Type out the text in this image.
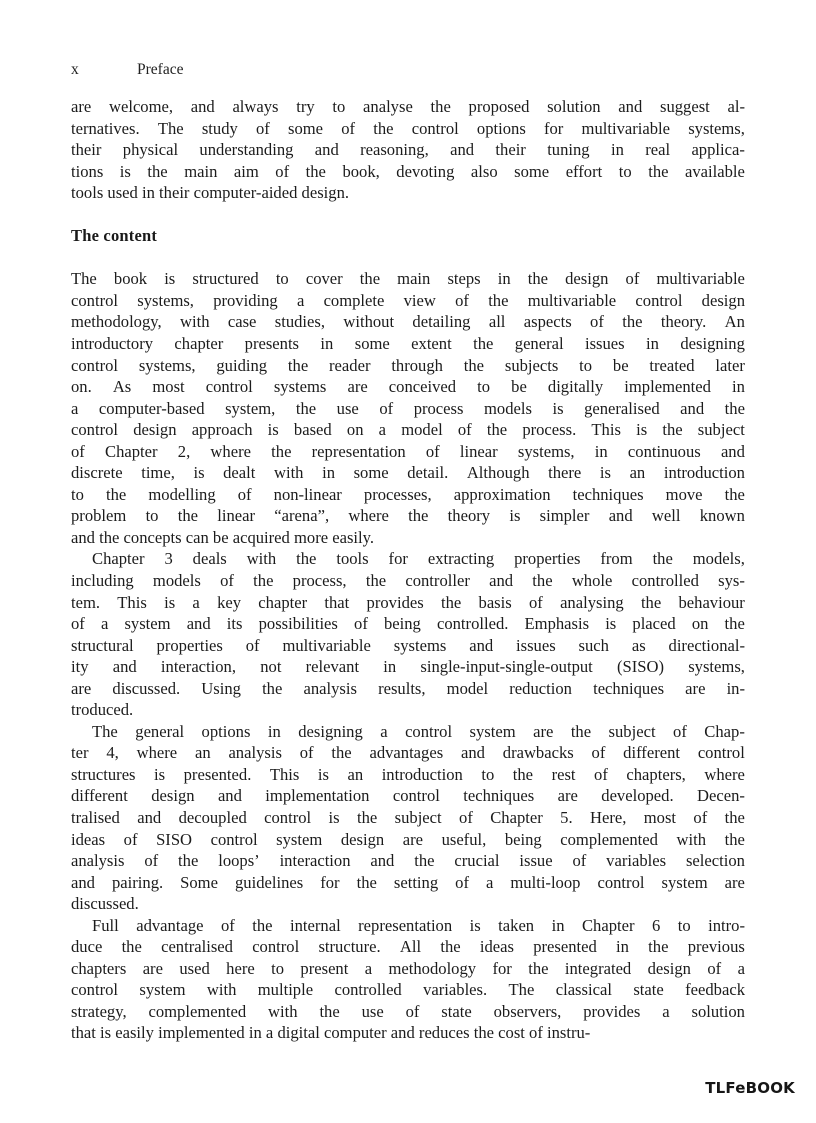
x	Preface

are welcome, and always try to analyse the proposed solution and suggest al-
ternatives. The study of some of the control options for multivariable systems,
their physical understanding and reasoning, and their tuning in real applica-
tions is the main aim of the book, devoting also some effort to the available
tools used in their computer-aided design.

The content

The book is structured to cover the main steps in the design of multivariable
control systems, providing a complete view of the multivariable control design
methodology, with case studies, without detailing all aspects of the theory. An
introductory chapter presents in some extent the general issues in designing
control systems, guiding the reader through the subjects to be treated later
on. As most control systems are conceived to be digitally implemented in
a computer-based system, the use of process models is generalised and the
control design approach is based on a model of the process. This is the subject
of Chapter 2, where the representation of linear systems, in continuous and
discrete time, is dealt with in some detail. Although there is an introduction
to the modelling of non-linear processes, approximation techniques move the
problem to the linear “arena”, where the theory is simpler and well known
and the concepts can be acquired more easily.

Chapter 3 deals with the tools for extracting properties from the models,
including models of the process, the controller and the whole controlled sys-
tem. This is a key chapter that provides the basis of analysing the behaviour
of a system and its possibilities of being controlled. Emphasis is placed on the
structural properties of multivariable systems and issues such as directional-
ity and interaction, not relevant in single-input-single-output (SISO) systems,
are discussed. Using the analysis results, model reduction techniques are in-
troduced.

The general options in designing a control system are the subject of Chap-
ter 4, where an analysis of the advantages and drawbacks of different control
structures is presented. This is an introduction to the rest of chapters, where
different design and implementation control techniques are developed. Decen-
tralised and decoupled control is the subject of Chapter 5. Here, most of the
ideas of SISO control system design are useful, being complemented with the
analysis of the loops’ interaction and the crucial issue of variables selection
and pairing. Some guidelines for the setting of a multi-loop control system are
discussed.

Full advantage of the internal representation is taken in Chapter 6 to intro-
duce the centralised control structure. All the ideas presented in the previous
chapters are used here to present a methodology for the integrated design of a
control system with multiple controlled variables. The classical state feedback
strategy, complemented with the use of state observers, provides a solution
that is easily implemented in a digital computer and reduces the cost of instru-

TLFeBOOK
